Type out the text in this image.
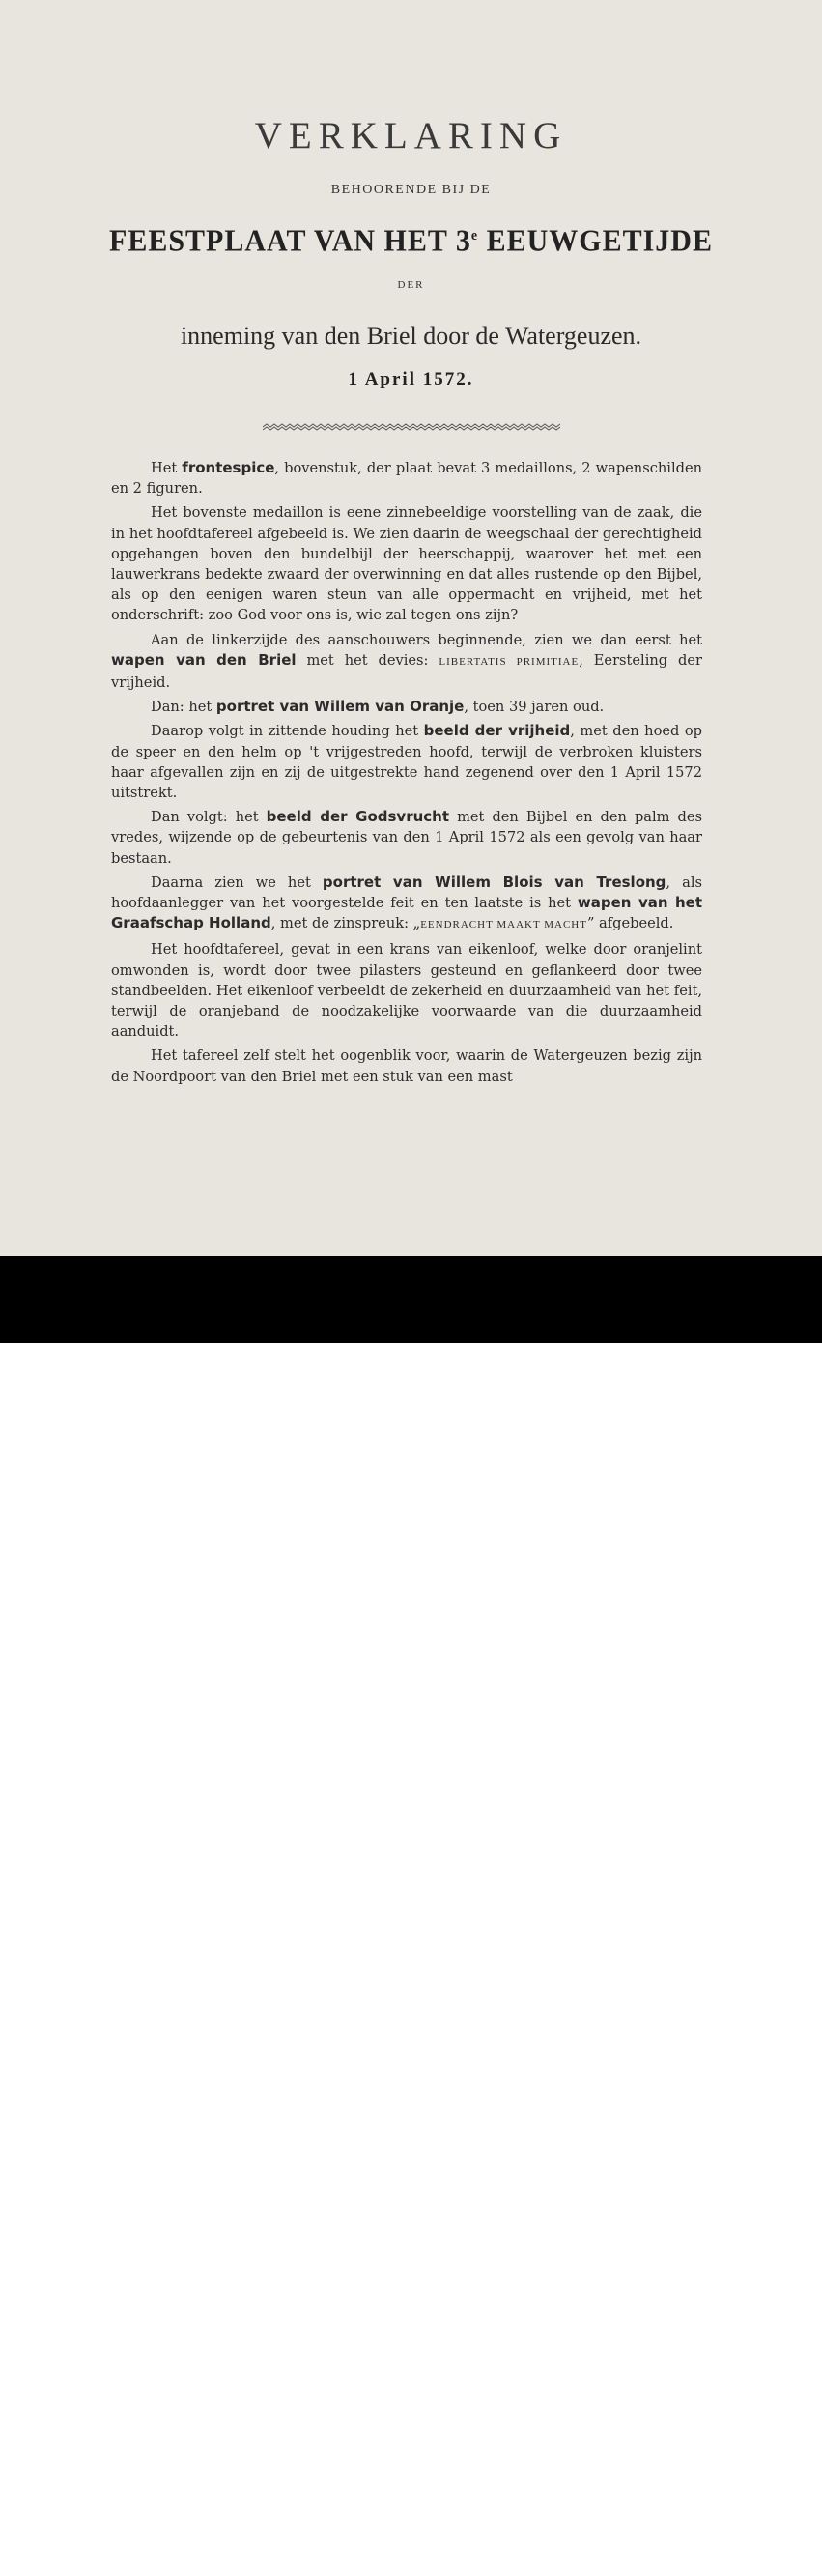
VERKLARING
BEHOORENDE BIJ DE
FEESTPLAAT VAN HET 3e EEUWGETIJDE
DER
inneming van den Briel door de Watergeuzen.
1 April 1572.

Het frontespice, bovenstuk, der plaat bevat 3 medaillons, 2 wapenschilden en 2 figuren.

Het bovenste medaillon is eene zinnebeeldige voorstelling van de zaak, die in het hoofdtafereel afgebeeld is. We zien daarin de weegschaal der gerechtigheid opgehangen boven den bundelbijl der heerschappij, waarover het met een lauwerkrans bedekte zwaard der overwinning en dat alles rustende op den Bijbel, als op den eenigen waren steun van alle oppermacht en vrijheid, met het onderschrift: zoo God voor ons is, wie zal tegen ons zijn?

Aan de linkerzijde des aanschouwers beginnende, zien we dan eerst het wapen van den Briel met het devies: LIBERTATIS PRIMITIAE, Eersteling der vrijheid.

Dan: het portret van Willem van Oranje, toen 39 jaren oud.

Daarop volgt in zittende houding het beeld der vrijheid, met den hoed op de speer en den helm op 't vrijgestreden hoofd, terwijl de verbroken kluisters haar afgevallen zijn en zij de uitgestrekte hand zegenend over den 1 April 1572 uitstrekt.

Dan volgt: het beeld der Godsvrucht met den Bijbel en den palm des vredes, wijzende op de gebeurtenis van den 1 April 1572 als een gevolg van haar bestaan.

Daarna zien we het portret van Willem Blois van Treslong, als hoofdaanlegger van het voorgestelde feit en ten laatste is het wapen van het Graafschap Holland, met de zinspreuk: „EENDRACHT MAAKT MACHT” afgebeeld.

Het hoofdtafereel, gevat in een krans van eikenloof, welke door oranjelint omwonden is, wordt door twee pilasters gesteund en geflankeerd door twee standbeelden. Het eikenloof verbeeldt de zekerheid en duurzaamheid van het feit, terwijl de oranjeband de noodzakelijke voorwaarde van die duurzaamheid aanduidt.

Het tafereel zelf stelt het oogenblik voor, waarin de Watergeuzen bezig zijn de Noordpoort van den Briel met een stuk van een mast

alamy
2G40HH6
www.alamy.com
